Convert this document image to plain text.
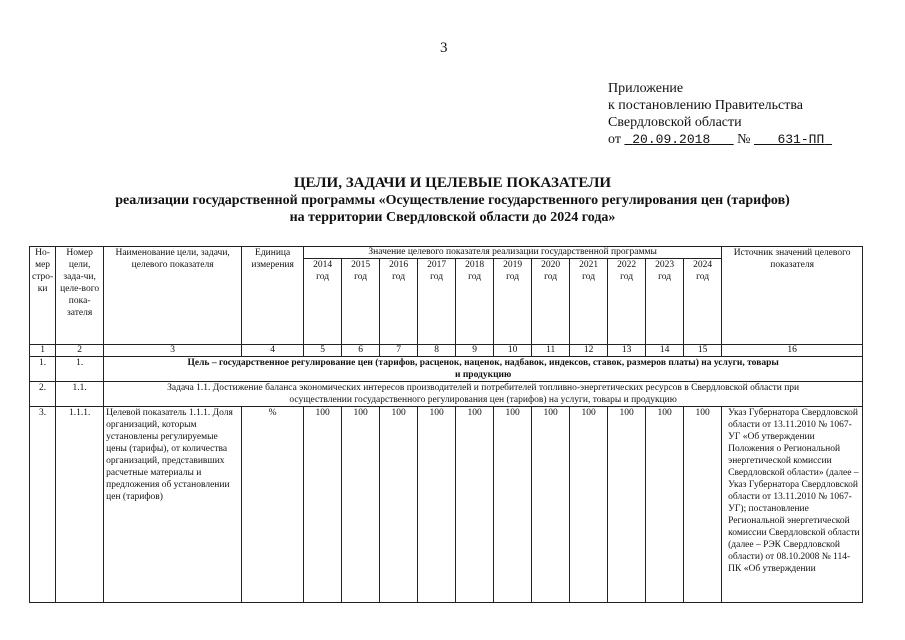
3
Приложение
к постановлению Правительства
Свердловской области
от 20.09.2018 № 631-ПП
ЦЕЛИ, ЗАДАЧИ И ЦЕЛЕВЫЕ ПОКАЗАТЕЛИ
реализации государственной программы «Осуществление государственного регулирования цен (тарифов)
на территории Свердловской области до 2024 года»
Но-мер стро-ки	Номер цели, зада-чи, целе-вого пока-зателя	Наименование цели, задачи, целевого показателя	Единица измерения	Значение целевого показателя реализации государственной программы											Источник значений целевого показателя
				2014 год	2015 год	2016 год	2017 год	2018 год	2019 год	2020 год	2021 год	2022 год	2023 год	2024 год	
1	2	3	4	5	6	7	8	9	10	11	12	13	14	15	16
1.	1.	Цель – государственное регулирование цен (тарифов, расценок, наценок, надбавок, индексов, ставок, размеров платы) на услуги, товары и продукцию													
2.	1.1.	Задача 1.1. Достижение баланса экономических интересов производителей и потребителей топливно-энергетических ресурсов в Свердловской области при осуществлении государственного регулирования цен (тарифов) на услуги, товары и продукцию													
3.	1.1.1.	Целевой показатель 1.1.1. Доля организаций, которым установлены регулируемые цены (тарифы), от количества организаций, представивших расчетные материалы и предложения об установлении цен (тарифов)	%	100	100	100	100	100	100	100	100	100	100	100	Указ Губернатора Свердловской области от 13.11.2010 № 1067-УГ «Об утверждении Положения о Региональной энергетической комиссии Свердловской области» (далее – Указ Губернатора Свердловской области от 13.11.2010 № 1067-УГ); постановление Региональной энергетической комиссии Свердловской области (далее – РЭК Свердловской области) от 08.10.2008 № 114-ПК «Об утверждении
